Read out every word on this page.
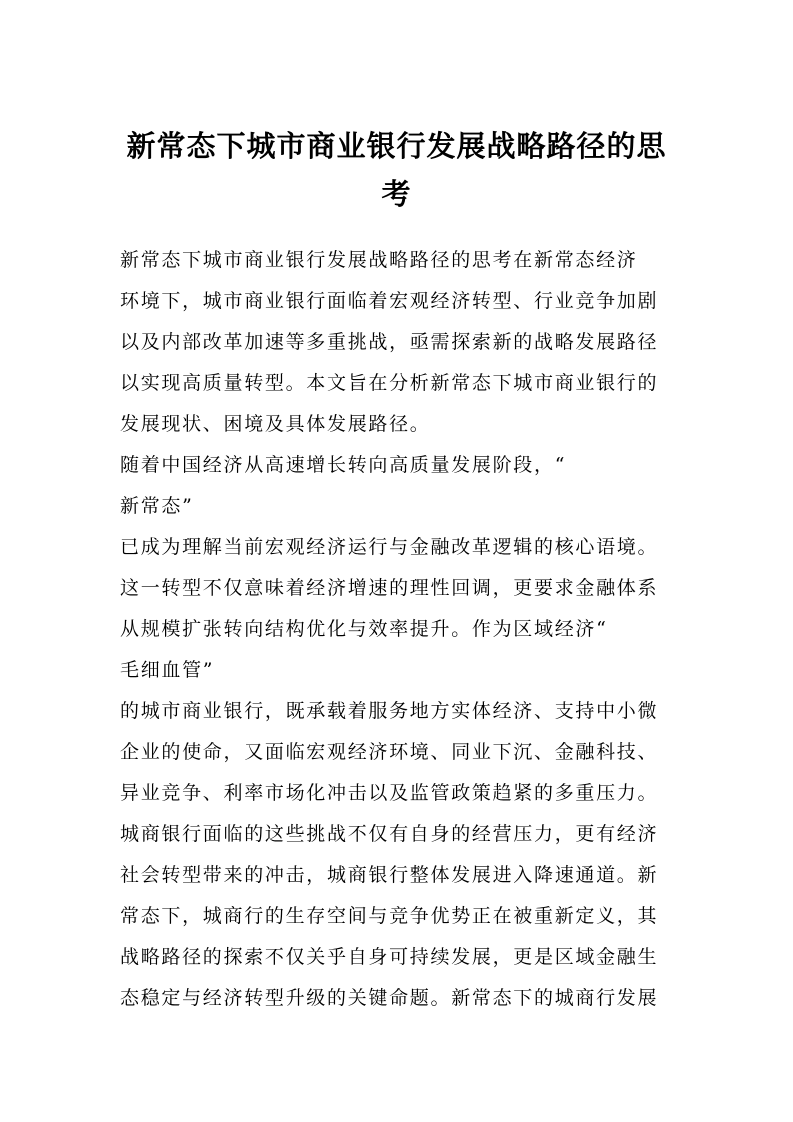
新常态下城市商业银行发展战略路径的思
考

新常态下城市商业银行发展战略路径的思考在新常态经济

环境下，城市商业银行面临着宏观经济转型、行业竞争加剧

以及内部改革加速等多重挑战，亟需探索新的战略发展路径

以实现高质量转型。本文旨在分析新常态下城市商业银行的

发展现状、困境及具体发展路径。

随着中国经济从高速增长转向高质量发展阶段，“

新常态”

已成为理解当前宏观经济运行与金融改革逻辑的核心语境。

这一转型不仅意味着经济增速的理性回调，更要求金融体系

从规模扩张转向结构优化与效率提升。作为区域经济“

毛细血管”

的城市商业银行，既承载着服务地方实体经济、支持中小微

企业的使命，又面临宏观经济环境、同业下沉、金融科技、

异业竞争、利率市场化冲击以及监管政策趋紧的多重压力。

城商银行面临的这些挑战不仅有自身的经营压力，更有经济

社会转型带来的冲击，城商银行整体发展进入降速通道。新

常态下，城商行的生存空间与竞争优势正在被重新定义，其

战略路径的探索不仅关乎自身可持续发展，更是区域金融生

态稳定与经济转型升级的关键命题。新常态下的城商行发展
